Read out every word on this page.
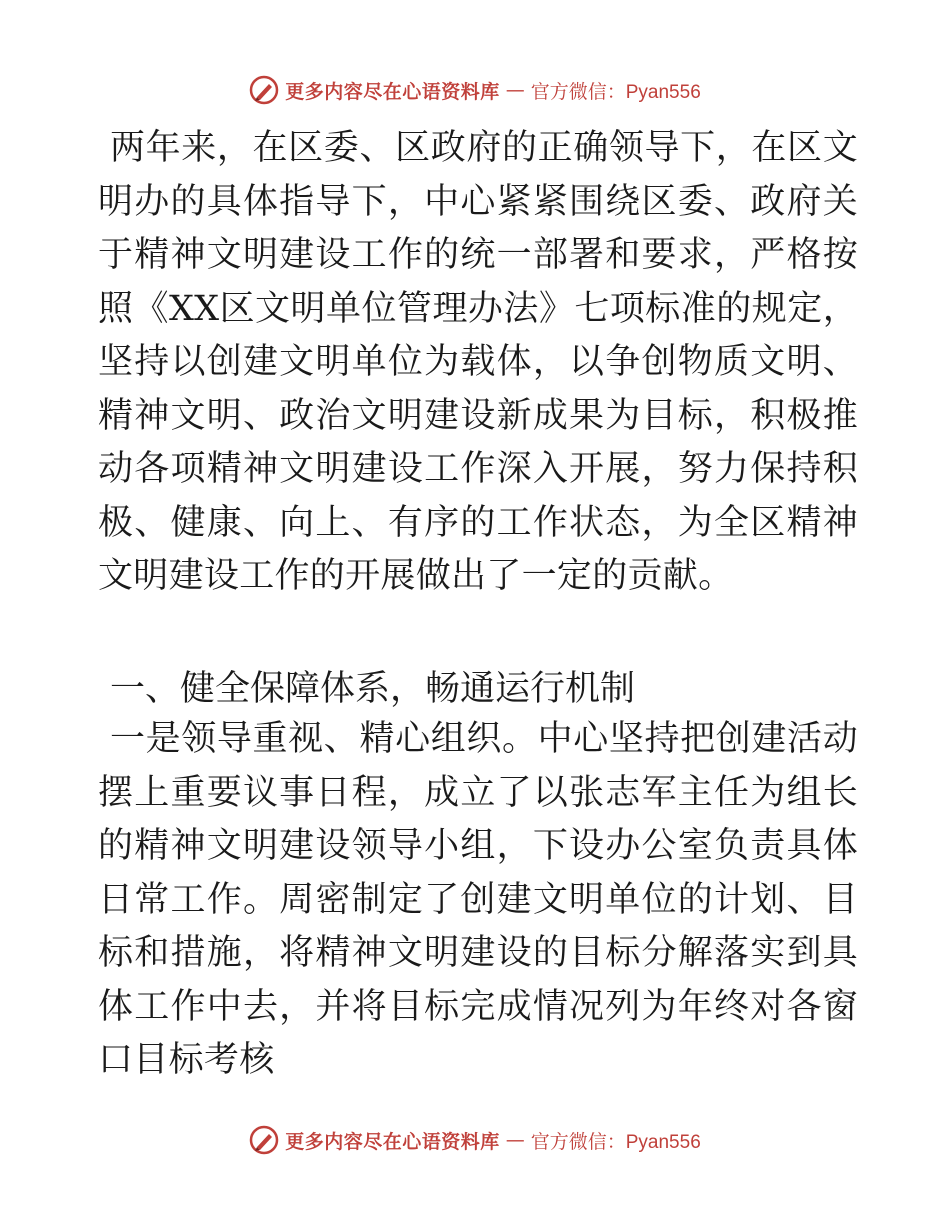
更多内容尽在心语资料库 — 官方微信：Pyan556

两年来，在区委、区政府的正确领导下，在区文明办的具体指导下，中心紧紧围绕区委、政府关于精神文明建设工作的统一部署和要求，严格按照《XX区文明单位管理办法》七项标准的规定，坚持以创建文明单位为载体，以争创物质文明、精神文明、政治文明建设新成果为目标，积极推动各项精神文明建设工作深入开展，努力保持积极、健康、向上、有序的工作状态，为全区精神文明建设工作的开展做出了一定的贡献。

一、健全保障体系，畅通运行机制

一是领导重视、精心组织。中心坚持把创建活动摆上重要议事日程，成立了以张志军主任为组长的精神文明建设领导小组，下设办公室负责具体日常工作。周密制定了创建文明单位的计划、目标和措施，将精神文明建设的目标分解落实到具体工作中去，并将目标完成情况列为年终对各窗口目标考核

更多内容尽在心语资料库 — 官方微信：Pyan556
